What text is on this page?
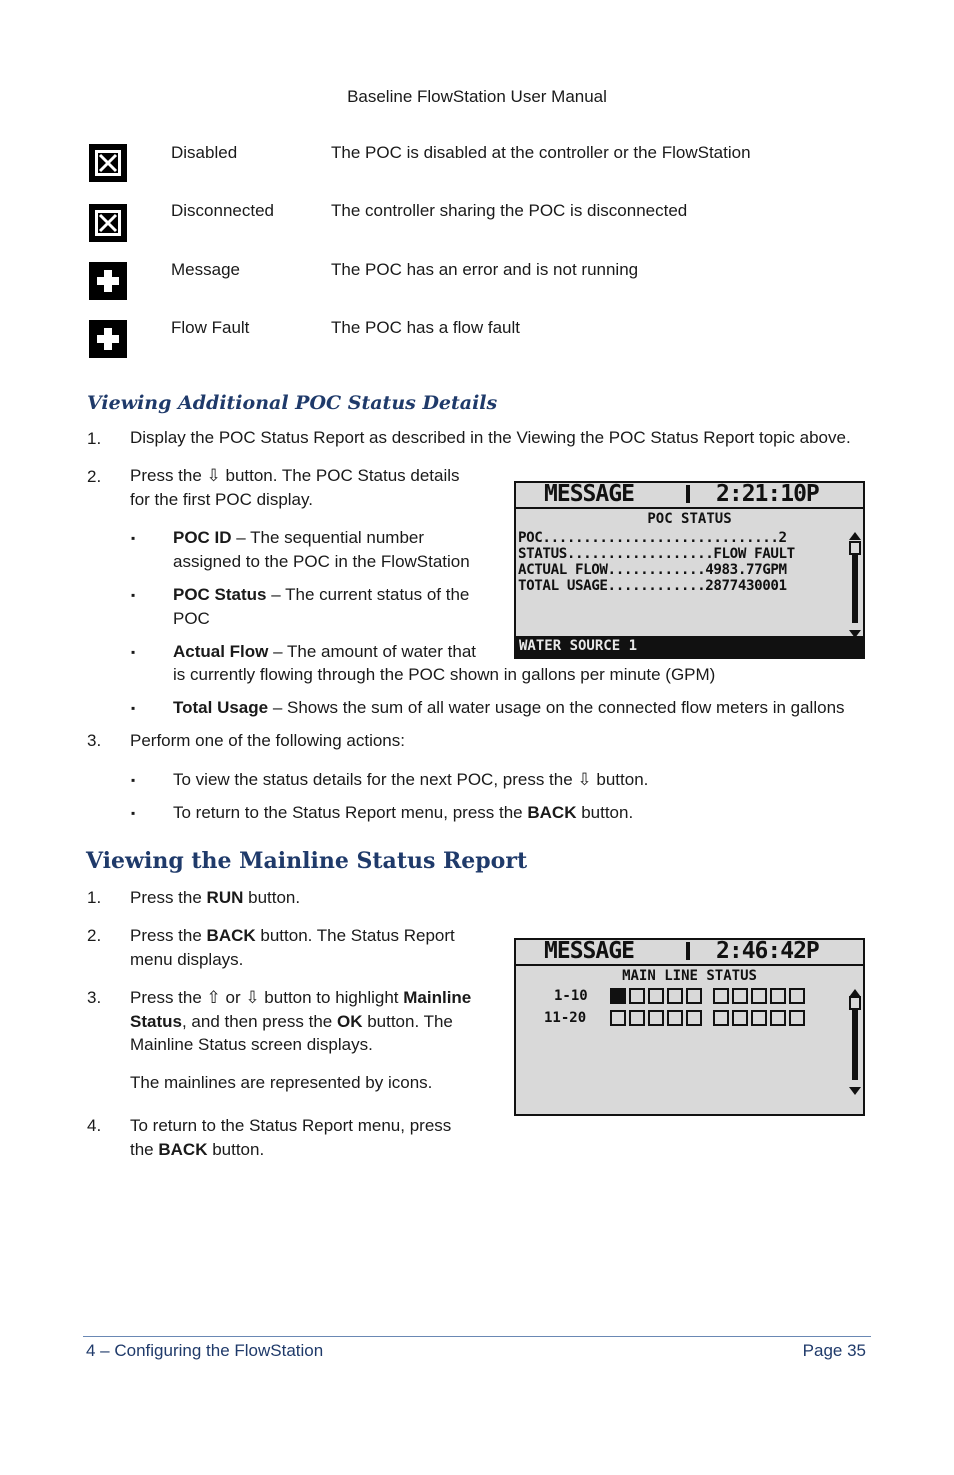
Baseline FlowStation User Manual
Disabled	The POC is disabled at the controller or the FlowStation
Disconnected	The controller sharing the POC is disconnected
Message	The POC has an error and is not running
Flow Fault	The POC has a flow fault
Viewing Additional POC Status Details
1. Display the POC Status Report as described in the Viewing the POC Status Report topic above.
2. Press the ⇩ button. The POC Status details
for the first POC display.
▪ POC ID – The sequential number
assigned to the POC in the FlowStation
▪ POC Status – The current status of the
POC
▪ Actual Flow – The amount of water that
is currently flowing through the POC shown in gallons per minute (GPM)
▪ Total Usage – Shows the sum of all water usage on the connected flow meters in gallons
3. Perform one of the following actions:
▪ To view the status details for the next POC, press the ⇩ button.
▪ To return to the Status Report menu, press the BACK button.
MESSAGE	2:21:10P
POC STATUS
POC.............................2
STATUS..................FLOW FAULT
ACTUAL FLOW............4983.77GPM
TOTAL USAGE............2877430001
WATER SOURCE 1
Viewing the Mainline Status Report
1. Press the RUN button.
2. Press the BACK button. The Status Report
menu displays.
3. Press the ⇧ or ⇩ button to highlight Mainline
Status, and then press the OK button. The
Mainline Status screen displays.
The mainlines are represented by icons.
4. To return to the Status Report menu, press
the BACK button.
MESSAGE	2:46:42P
MAIN LINE STATUS
1-10
11-20
4 – Configuring the FlowStation	Page 35
